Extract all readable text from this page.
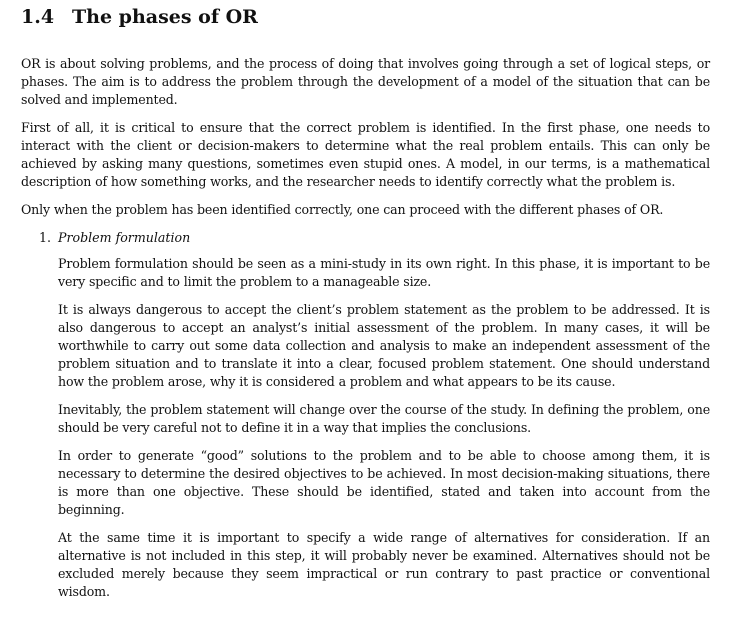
1.4 The phases of OR

OR is about solving problems, and the process of doing that involves going through a set of logical steps, or phases. The aim is to address the problem through the development of a model of the situation that can be solved and implemented.

First of all, it is critical to ensure that the correct problem is identified. In the first phase, one needs to interact with the client or decision-makers to determine what the real problem entails. This can only be achieved by asking many questions, sometimes even stupid ones. A model, in our terms, is a mathematical description of how something works, and the researcher needs to identify correctly what the problem is.

Only when the problem has been identified correctly, one can proceed with the different phases of OR.

1. Problem formulation

Problem formulation should be seen as a mini-study in its own right. In this phase, it is important to be very specific and to limit the problem to a manageable size.

It is always dangerous to accept the client’s problem statement as the problem to be addressed. It is also dangerous to accept an analyst’s initial assessment of the problem. In many cases, it will be worthwhile to carry out some data collection and analysis to make an independent assessment of the problem situation and to translate it into a clear, focused problem statement. One should understand how the problem arose, why it is considered a problem and what appears to be its cause.

Inevitably, the problem statement will change over the course of the study. In defining the problem, one should be very careful not to define it in a way that implies the conclusions.

In order to generate “good” solutions to the problem and to be able to choose among them, it is necessary to determine the desired objectives to be achieved. In most decision-making situations, there is more than one objective. These should be identified, stated and taken into account from the beginning.

At the same time it is important to specify a wide range of alternatives for consideration. If an alternative is not included in this step, it will probably never be examined. Alternatives should not be excluded merely because they seem impractical or run contrary to past practice or conventional wisdom.
